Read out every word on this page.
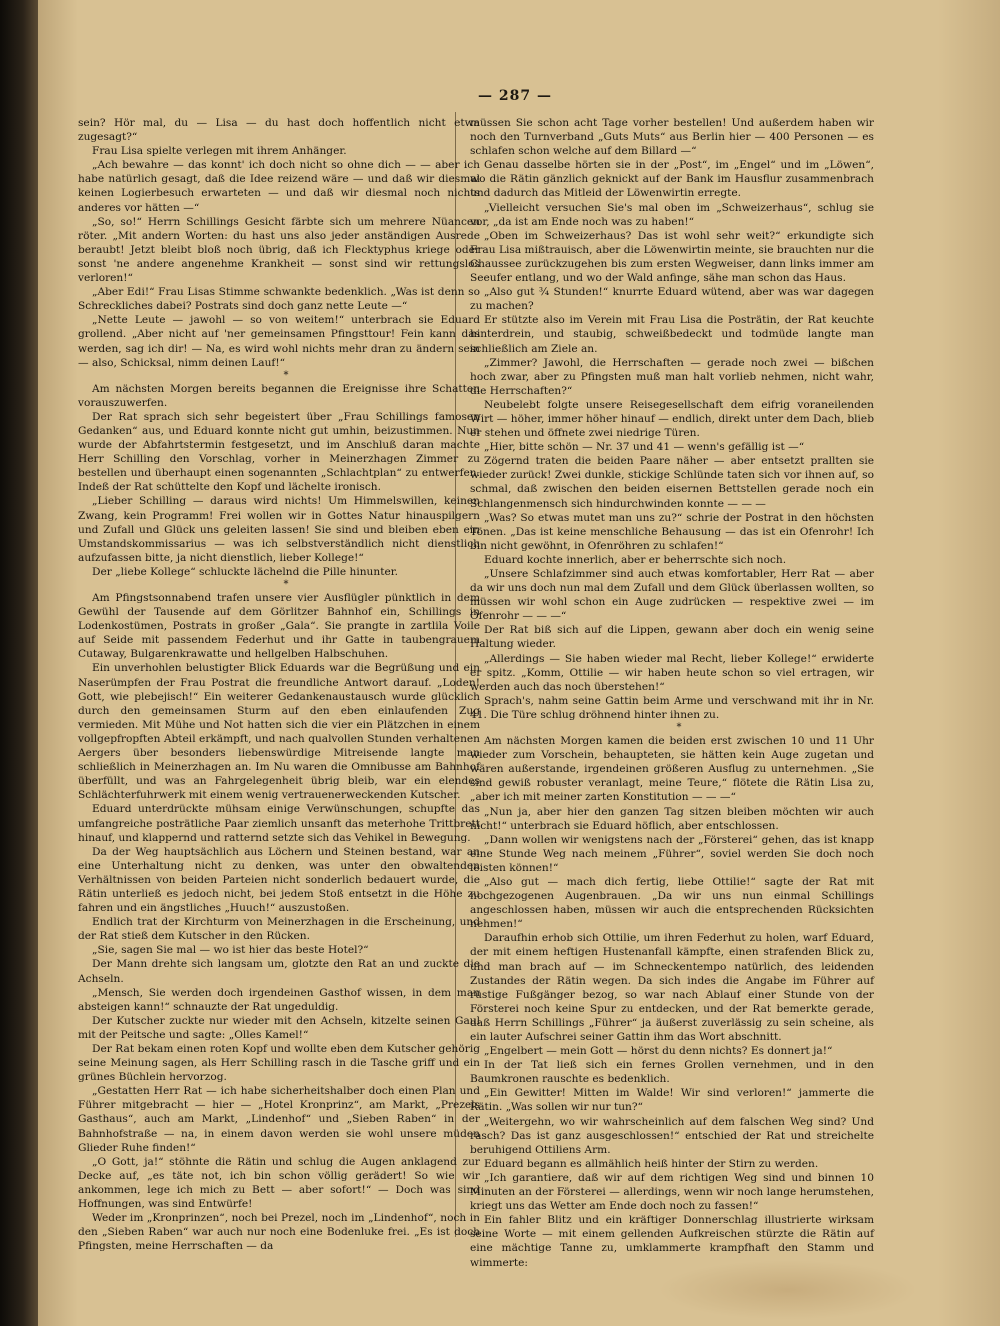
— 287 —

sein? Hör mal, du — Lisa — du hast doch hoffentlich nicht etwa zugesagt?“

Frau Lisa spielte verlegen mit ihrem Anhänger.

„Ach bewahre — das konnt' ich doch nicht so ohne dich — — aber ich habe natürlich gesagt, daß die Idee reizend wäre — und daß wir diesmal keinen Logierbesuch erwarteten — und daß wir diesmal noch nichts anderes vor hätten —“

„So, so!“ Herrn Schillings Gesicht färbte sich um mehrere Nüancen röter. „Mit andern Worten: du hast uns also jeder anständigen Ausrede beraubt! Jetzt bleibt bloß noch übrig, daß ich Flecktyphus kriege oder sonst 'ne andere angenehme Krankheit — sonst sind wir rettungslos verloren!“

„Aber Edi!“ Frau Lisas Stimme schwankte bedenklich. „Was ist denn so Schreckliches dabei? Postrats sind doch ganz nette Leute —“

„Nette Leute — jawohl — so von weitem!“ unterbrach sie Eduard grollend. „Aber nicht auf 'ner gemeinsamen Pfingsttour! Fein kann das werden, sag ich dir! — Na, es wird wohl nichts mehr dran zu ändern sein — also, Schicksal, nimm deinen Lauf!“

*

Am nächsten Morgen bereits begannen die Ereignisse ihre Schatten vorauszuwerfen.

Der Rat sprach sich sehr begeistert über „Frau Schillings famosen Gedanken“ aus, und Eduard konnte nicht gut umhin, beizustimmen. Nun wurde der Abfahrtstermin festgesetzt, und im Anschluß daran machte Herr Schilling den Vorschlag, vorher in Meinerzhagen Zimmer zu bestellen und überhaupt einen sogenannten „Schlachtplan“ zu entwerfen. Indeß der Rat schüttelte den Kopf und lächelte ironisch.

„Lieber Schilling — daraus wird nichts! Um Himmelswillen, keinen Zwang, kein Programm! Frei wollen wir in Gottes Natur hinauspilgern und Zufall und Glück uns geleiten lassen! Sie sind und bleiben eben ein Umstandskommissarius — was ich selbstverständlich nicht dienstlich aufzufassen bitte, ja nicht dienstlich, lieber Kollege!“

Der „liebe Kollege“ schluckte lächelnd die Pille hinunter.

*

Am Pfingstsonnabend trafen unsere vier Ausflügler pünktlich in dem Gewühl der Tausende auf dem Görlitzer Bahnhof ein, Schillings in Lodenkostümen, Postrats in großer „Gala“. Sie prangte in zartlila Voile auf Seide mit passendem Federhut und ihr Gatte in taubengrauem Cutaway, Bulgarenkrawatte und hellgelben Halbschuhen.

Ein unverhohlen belustigter Blick Eduards war die Begrüßung und ein Naserümpfen der Frau Postrat die freundliche Antwort darauf. „Loden! Gott, wie plebejisch!“ Ein weiterer Gedankenaustausch wurde glücklich durch den gemeinsamen Sturm auf den eben einlaufenden Zug vermieden. Mit Mühe und Not hatten sich die vier ein Plätzchen in einem vollgepfropften Abteil erkämpft, und nach qualvollen Stunden verhaltenen Aergers über besonders liebenswürdige Mitreisende langte man schließlich in Meinerzhagen an. Im Nu waren die Omnibusse am Bahnhof überfüllt, und was an Fahrgelegenheit übrig bleib, war ein elendes Schlächterfuhrwerk mit einem wenig vertrauenerweckenden Kutscher.

Eduard unterdrückte mühsam einige Verwünschungen, schupfte das umfangreiche posträtliche Paar ziemlich unsanft das meterhohe Trittbrett hinauf, und klappernd und ratternd setzte sich das Vehikel in Bewegung.

Da der Weg hauptsächlich aus Löchern und Steinen bestand, war an eine Unterhaltung nicht zu denken, was unter den obwaltenden Verhältnissen von beiden Parteien nicht sonderlich bedauert wurde, die Rätin unterließ es jedoch nicht, bei jedem Stoß entsetzt in die Höhe zu fahren und ein ängstliches „Huuch!“ auszustoßen.

Endlich trat der Kirchturm von Meinerzhagen in die Erscheinung, und der Rat stieß dem Kutscher in den Rücken.

„Sie, sagen Sie mal — wo ist hier das beste Hotel?“

Der Mann drehte sich langsam um, glotzte den Rat an und zuckte die Achseln.

„Mensch, Sie werden doch irgendeinen Gasthof wissen, in dem man absteigen kann!“ schnauzte der Rat ungeduldig.

Der Kutscher zuckte nur wieder mit den Achseln, kitzelte seinen Gaul mit der Peitsche und sagte: „Olles Kamel!“

Der Rat bekam einen roten Kopf und wollte eben dem Kutscher gehörig seine Meinung sagen, als Herr Schilling rasch in die Tasche griff und ein grünes Büchlein hervorzog.

„Gestatten Herr Rat — ich habe sicherheitshalber doch einen Plan und Führer mitgebracht — hier — „Hotel Kronprinz“, am Markt, „Prezels Gasthaus“, auch am Markt, „Lindenhof“ und „Sieben Raben“ in der Bahnhofstraße — na, in einem davon werden sie wohl unsere müden Glieder Ruhe finden!“

„O Gott, ja!“ stöhnte die Rätin und schlug die Augen anklagend zur Decke auf, „es täte not, ich bin schon völlig gerädert! So wie wir ankommen, lege ich mich zu Bett — aber sofort!“ — Doch was sind Hoffnungen, was sind Entwürfe!

Weder im „Kronprinzen“, noch bei Prezel, noch im „Lindenhof“, noch in den „Sieben Raben“ war auch nur noch eine Bodenluke frei. „Es ist doch Pfingsten, meine Herrschaften — da

müssen Sie schon acht Tage vorher bestellen! Und außerdem haben wir noch den Turnverband „Guts Muts“ aus Berlin hier — 400 Personen — es schlafen schon welche auf dem Billard —“

Genau dasselbe hörten sie in der „Post“, im „Engel“ und im „Löwen“, wo die Rätin gänzlich geknickt auf der Bank im Hausflur zusammenbrach und dadurch das Mitleid der Löwenwirtin erregte.

„Vielleicht versuchen Sie's mal oben im „Schweizerhaus“, schlug sie vor, „da ist am Ende noch was zu haben!“

„Oben im Schweizerhaus? Das ist wohl sehr weit?“ erkundigte sich Frau Lisa mißtrauisch, aber die Löwenwirtin meinte, sie brauchten nur die Chaussee zurückzugehen bis zum ersten Wegweiser, dann links immer am Seeufer entlang, und wo der Wald anfinge, sähe man schon das Haus.

„Also gut ¾ Stunden!“ knurrte Eduard wütend, aber was war dagegen zu machen?

Er stützte also im Verein mit Frau Lisa die Posträtin, der Rat keuchte hinterdrein, und staubig, schweißbedeckt und todmüde langte man schließlich am Ziele an.

„Zimmer? Jawohl, die Herrschaften — gerade noch zwei — bißchen hoch zwar, aber zu Pfingsten muß man halt vorlieb nehmen, nicht wahr, die Herrschaften?“

Neubelebt folgte unsere Reisegesellschaft dem eifrig voraneilenden Wirt — höher, immer höher hinauf — endlich, direkt unter dem Dach, blieb er stehen und öffnete zwei niedrige Türen.

„Hier, bitte schön — Nr. 37 und 41 — wenn's gefällig ist —“

Zögernd traten die beiden Paare näher — aber entsetzt prallten sie wieder zurück! Zwei dunkle, stickige Schlünde taten sich vor ihnen auf, so schmal, daß zwischen den beiden eisernen Bettstellen gerade noch ein Schlangenmensch sich hindurchwinden konnte — — —

„Was? So etwas mutet man uns zu?“ schrie der Postrat in den höchsten Tönen. „Das ist keine menschliche Behausung — das ist ein Ofenrohr! Ich bin nicht gewöhnt, in Ofenröhren zu schlafen!“

Eduard kochte innerlich, aber er beherrschte sich noch.

„Unsere Schlafzimmer sind auch etwas komfortabler, Herr Rat — aber da wir uns doch nun mal dem Zufall und dem Glück überlassen wollten, so müssen wir wohl schon ein Auge zudrücken — respektive zwei — im Ofenrohr — — —“

Der Rat biß sich auf die Lippen, gewann aber doch ein wenig seine Haltung wieder.

„Allerdings — Sie haben wieder mal Recht, lieber Kollege!“ erwiderte er spitz. „Komm, Ottilie — wir haben heute schon so viel ertragen, wir werden auch das noch überstehen!“

Sprach's, nahm seine Gattin beim Arme und verschwand mit ihr in Nr. 41. Die Türe schlug dröhnend hinter ihnen zu.

*

Am nächsten Morgen kamen die beiden erst zwischen 10 und 11 Uhr wieder zum Vorschein, behaupteten, sie hätten kein Auge zugetan und wären außerstande, irgendeinen größeren Ausflug zu unternehmen. „Sie sind gewiß robuster veranlagt, meine Teure,“ flötete die Rätin Lisa zu, „aber ich mit meiner zarten Konstitution — — —“

„Nun ja, aber hier den ganzen Tag sitzen bleiben möchten wir auch nicht!“ unterbrach sie Eduard höflich, aber entschlossen.

„Dann wollen wir wenigstens nach der „Försterei“ gehen, das ist knapp eine Stunde Weg nach meinem „Führer“, soviel werden Sie doch noch leisten können!“

„Also gut — mach dich fertig, liebe Ottilie!“ sagte der Rat mit hochgezogenen Augenbrauen. „Da wir uns nun einmal Schillings angeschlossen haben, müssen wir auch die entsprechenden Rücksichten nehmen!“

Daraufhin erhob sich Ottilie, um ihren Federhut zu holen, warf Eduard, der mit einem heftigen Hustenanfall kämpfte, einen strafenden Blick zu, und man brach auf — im Schneckentempo natürlich, des leidenden Zustandes der Rätin wegen. Da sich indes die Angabe im Führer auf rüstige Fußgänger bezog, so war nach Ablauf einer Stunde von der Försterei noch keine Spur zu entdecken, und der Rat bemerkte gerade, daß Herrn Schillings „Führer“ ja äußerst zuverlässig zu sein scheine, als ein lauter Aufschrei seiner Gattin ihm das Wort abschnitt.

„Engelbert — mein Gott — hörst du denn nichts? Es donnert ja!“

In der Tat ließ sich ein fernes Grollen vernehmen, und in den Baumkronen rauschte es bedenklich.

„Ein Gewitter! Mitten im Walde! Wir sind verloren!“ jammerte die Rätin. „Was sollen wir nur tun?“

„Weitergehn, wo wir wahrscheinlich auf dem falschen Weg sind? Und rasch? Das ist ganz ausgeschlossen!“ entschied der Rat und streichelte beruhigend Ottiliens Arm.

Eduard begann es allmählich heiß hinter der Stirn zu werden.

„Ich garantiere, daß wir auf dem richtigen Weg sind und binnen 10 Minuten an der Försterei — allerdings, wenn wir noch lange herumstehen, kriegt uns das Wetter am Ende doch noch zu fassen!“

Ein fahler Blitz und ein kräftiger Donnerschlag illustrierte wirksam seine Worte — mit einem gellenden Aufkreischen stürzte die Rätin auf eine mächtige Tanne zu, umklammerte krampfhaft den Stamm und wimmerte:
